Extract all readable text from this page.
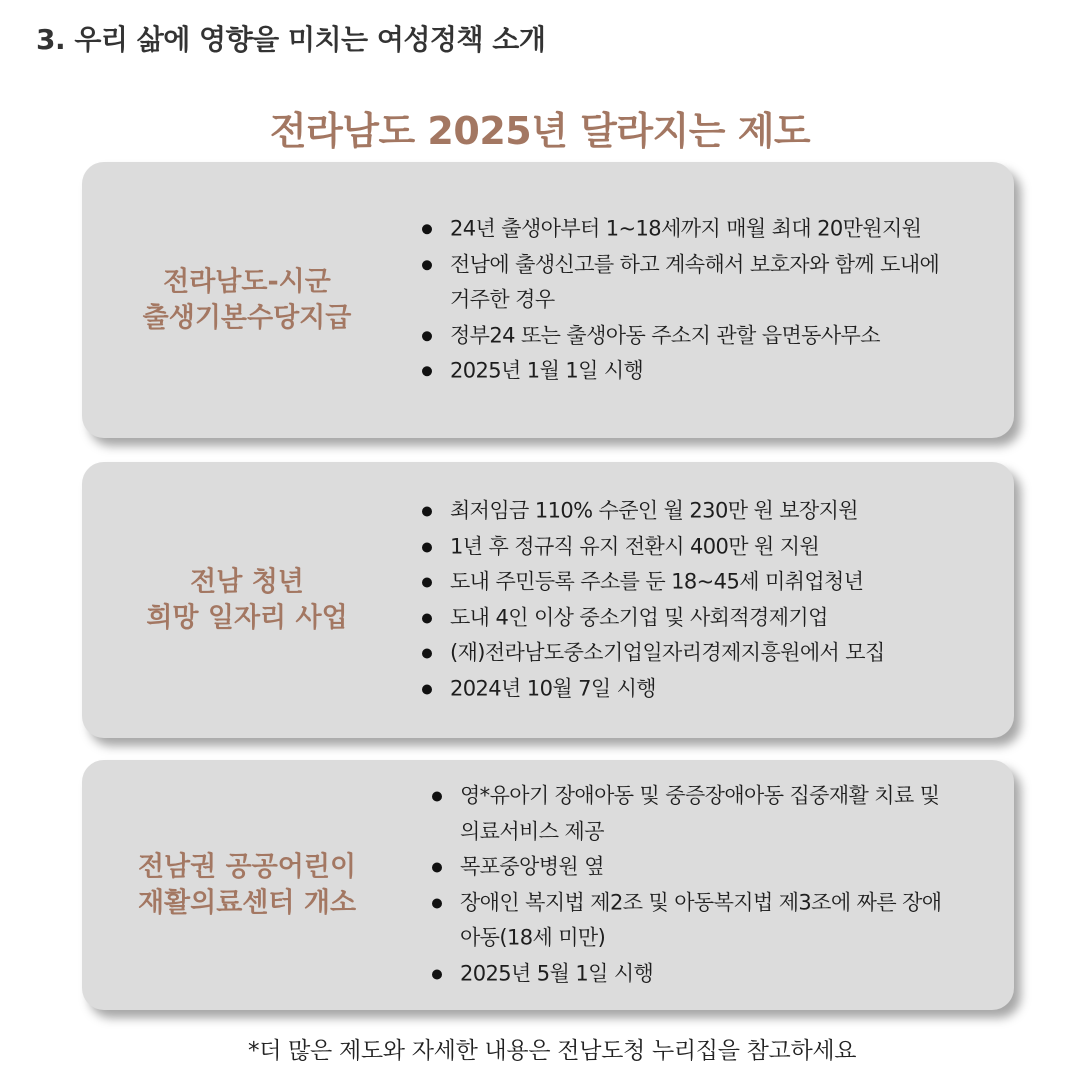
3. 우리 삶에 영향을 미치는 여성정책 소개
전라남도 2025년 달라지는 제도
전라남도-시군
출생기본수당지급
24년 출생아부터 1~18세까지 매월 최대 20만원지원
전남에 출생신고를 하고 계속해서 보호자와 함께 도내에
거주한 경우
정부24 또는 출생아동 주소지 관할 읍면동사무소
2025년 1월 1일 시행
전남 청년
희망 일자리 사업
최저임금 110% 수준인 월 230만 원 보장지원
1년 후 정규직 유지 전환시 400만 원 지원
도내 주민등록 주소를 둔 18~45세 미취업청년
도내 4인 이상 중소기업 및 사회적경제기업
(재)전라남도중소기업일자리경제지흥원에서 모집
2024년 10월 7일 시행
전남권 공공어린이
재활의료센터 개소
영*유아기 장애아동 및 중증장애아동 집중재활 치료 및
의료서비스 제공
목포중앙병원 옆
장애인 복지법 제2조 및 아동복지법 제3조에 짜른 장애
아동(18세 미만)
2025년 5월 1일 시행
*더 많은 제도와 자세한 내용은 전남도청 누리집을 참고하세요
